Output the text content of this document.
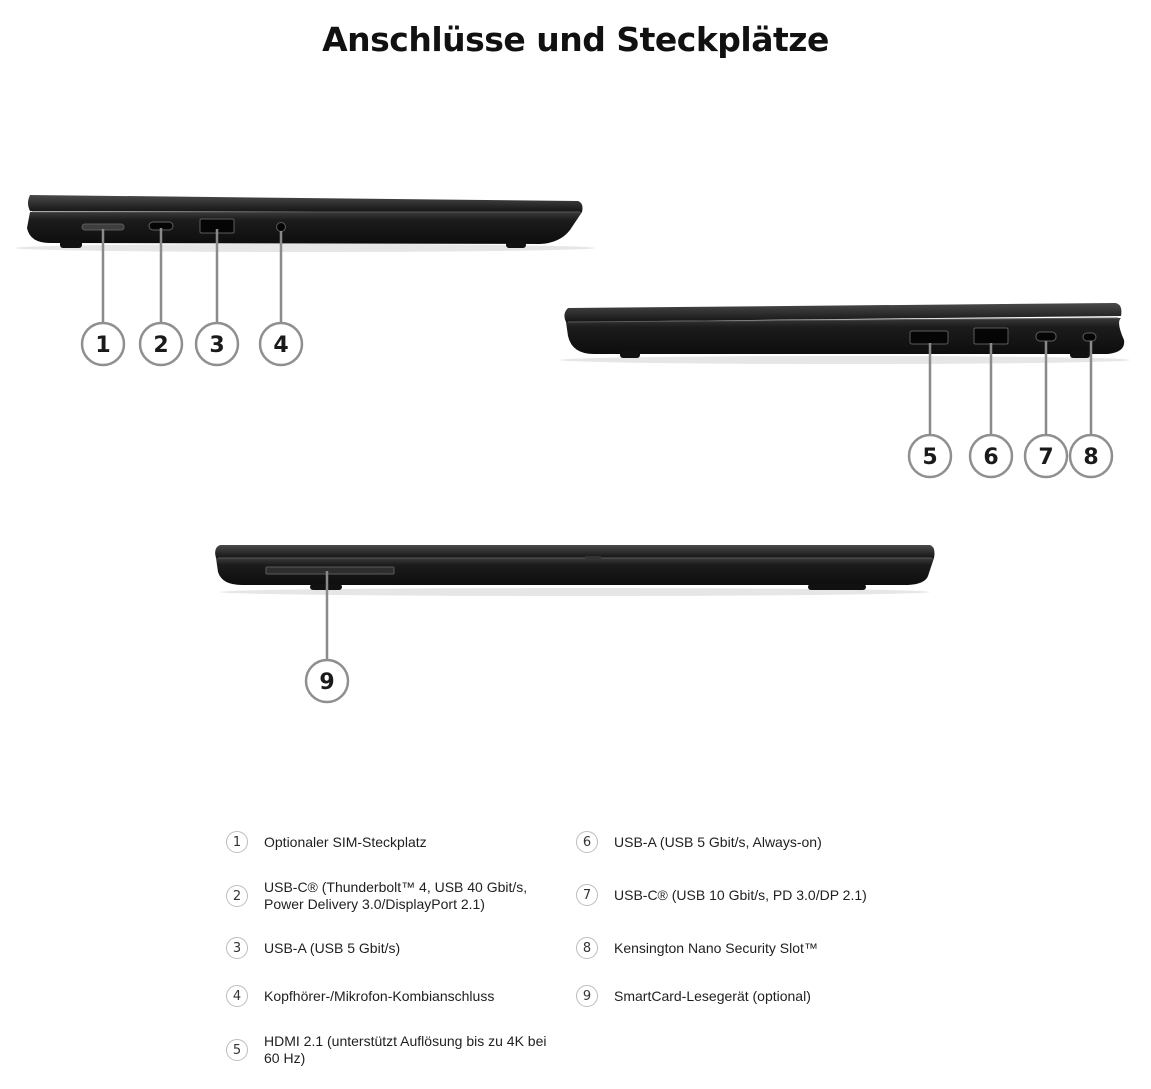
Anschlüsse und Steckplätze
1 2 3 4
5 6 7 8
9
1	Optionaler SIM-Steckplatz
2
USB-C® (Thunderbolt™ 4, USB 40 Gbit/s, Power Delivery 3.0/DisplayPort 2.1)
3	USB-A (USB 5 Gbit/s)
4	Kopfhörer-/Mikrofon-Kombianschluss
5
HDMI 2.1 (unterstützt Auflösung bis zu 4K bei 60 Hz)
6	USB-A (USB 5 Gbit/s, Always-on)
7	USB-C® (USB 10 Gbit/s, PD 3.0/DP 2.1)
8	Kensington Nano Security Slot™
9	SmartCard-Lesegerät (optional)
